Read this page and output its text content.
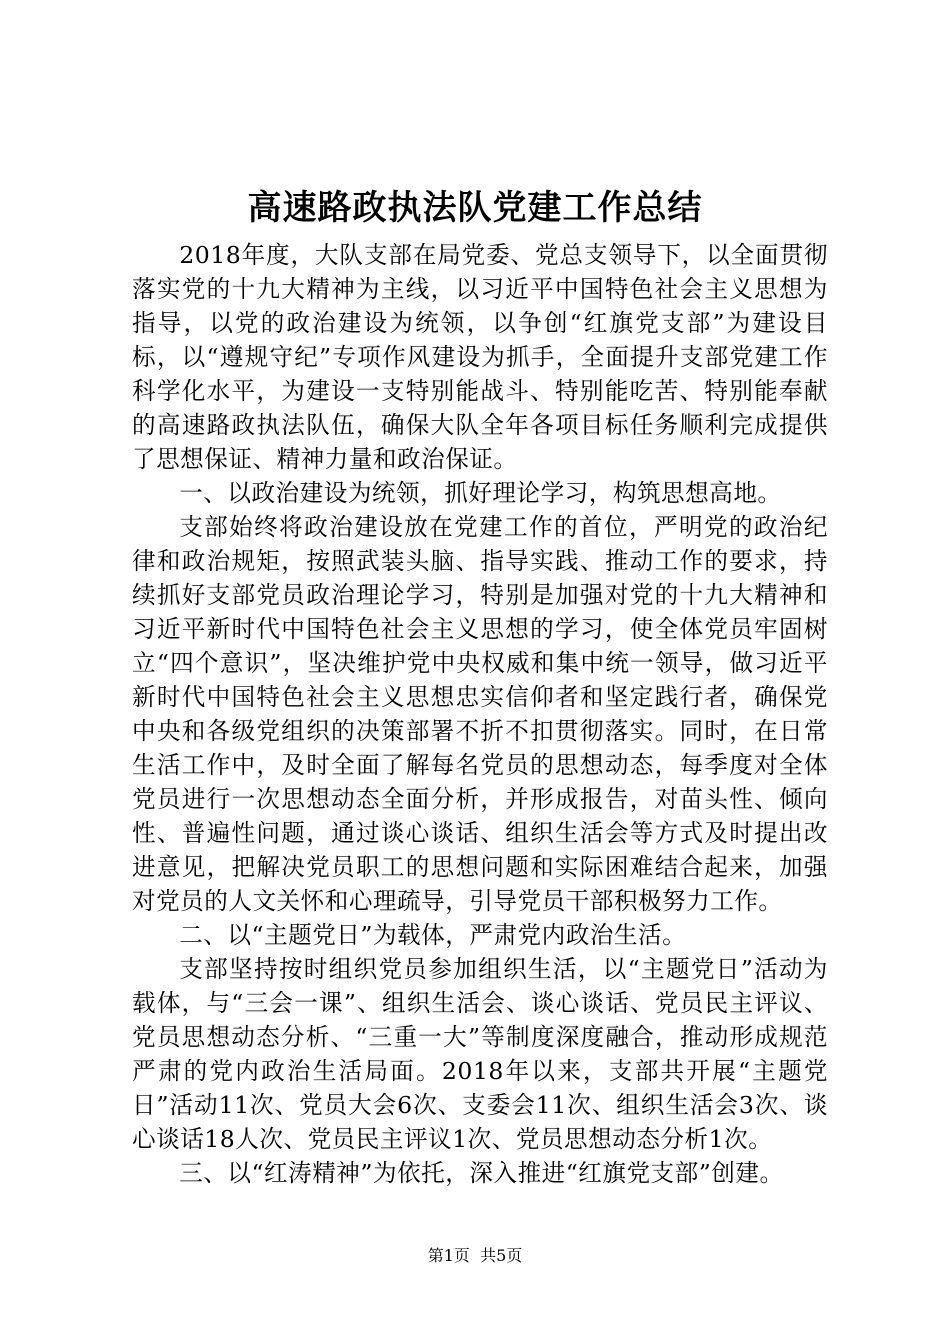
高速路政执法队党建工作总结

2018年度，大队支部在局党委、党总支领导下，以全面贯彻落实党的十九大精神为主线，以习近平中国特色社会主义思想为指导，以党的政治建设为统领，以争创“红旗党支部”为建设目标，以“遵规守纪”专项作风建设为抓手，全面提升支部党建工作科学化水平，为建设一支特别能战斗、特别能吃苦、特别能奉献的高速路政执法队伍，确保大队全年各项目标任务顺利完成提供了思想保证、精神力量和政治保证。

一、以政治建设为统领，抓好理论学习，构筑思想高地。

支部始终将政治建设放在党建工作的首位，严明党的政治纪律和政治规矩，按照武装头脑、指导实践、推动工作的要求，持续抓好支部党员政治理论学习，特别是加强对党的十九大精神和习近平新时代中国特色社会主义思想的学习，使全体党员牢固树立“四个意识”，坚决维护党中央权威和集中统一领导，做习近平新时代中国特色社会主义思想忠实信仰者和坚定践行者，确保党中央和各级党组织的决策部署不折不扣贯彻落实。同时，在日常生活工作中，及时全面了解每名党员的思想动态，每季度对全体党员进行一次思想动态全面分析，并形成报告，对苗头性、倾向性、普遍性问题，通过谈心谈话、组织生活会等方式及时提出改进意见，把解决党员职工的思想问题和实际困难结合起来，加强对党员的人文关怀和心理疏导，引导党员干部积极努力工作。

二、以“主题党日”为载体，严肃党内政治生活。

支部坚持按时组织党员参加组织生活，以“主题党日”活动为载体，与“三会一课”、组织生活会、谈心谈话、党员民主评议、党员思想动态分析、“三重一大”等制度深度融合，推动形成规范严肃的党内政治生活局面。2018年以来，支部共开展“主题党日”活动11次、党员大会6次、支委会11次、组织生活会3次、谈心谈话18人次、党员民主评议1次、党员思想动态分析1次。

三、以“红涛精神”为依托，深入推进“红旗党支部”创建。

第1页 共5页
